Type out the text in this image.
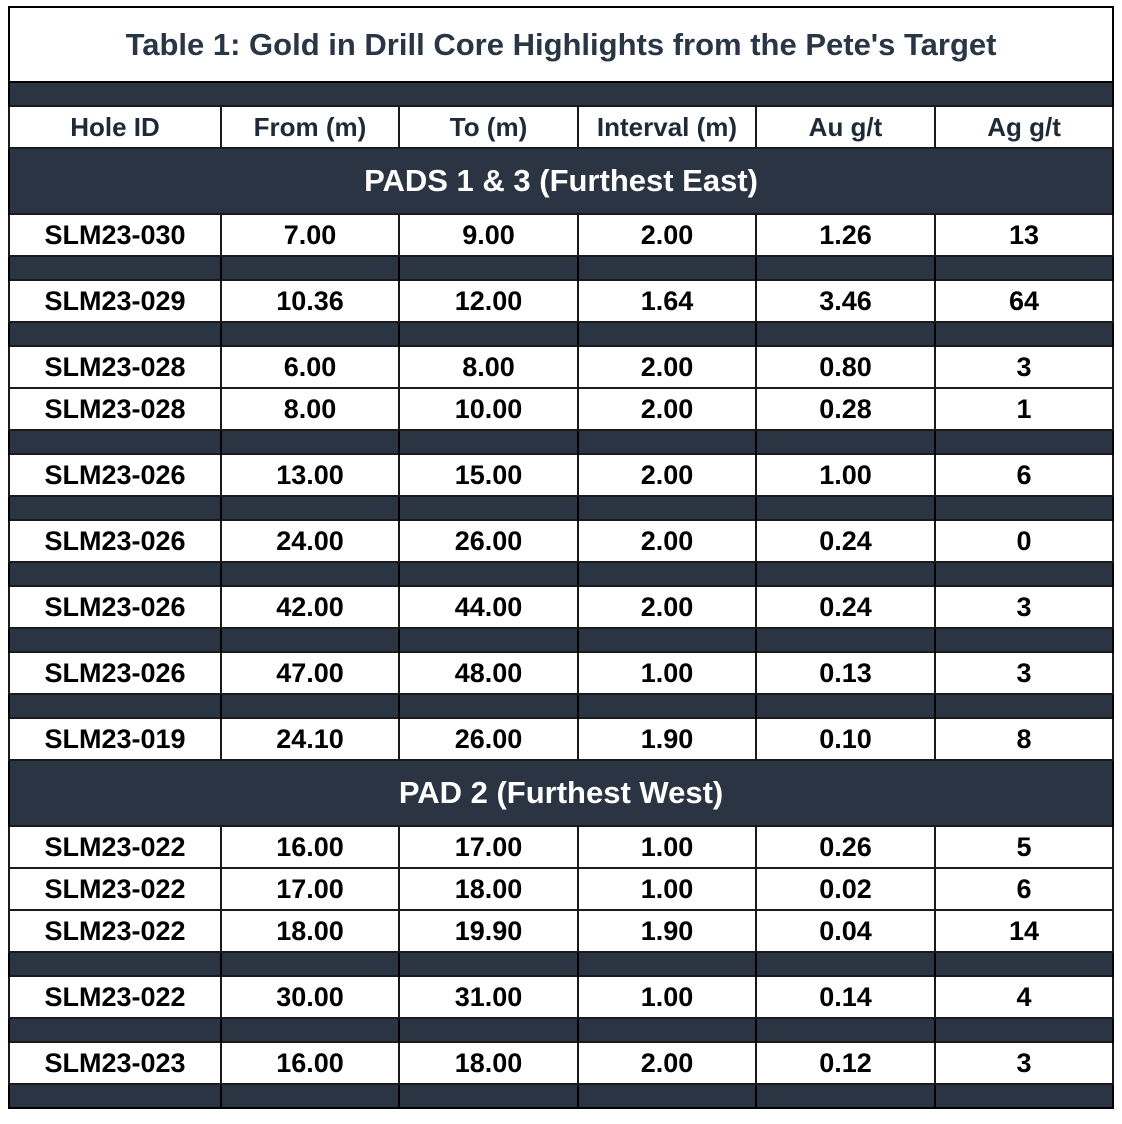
Table 1: Gold in Drill Core Highlights from the Pete's Target					

Hole ID	From (m)	To (m)	Interval (m)	Au g/t	Ag g/t
PADS 1 & 3 (Furthest East)					
SLM23-030	7.00	9.00	2.00	1.26	13

SLM23-029	10.36	12.00	1.64	3.46	64

SLM23-028	6.00	8.00	2.00	0.80	3
SLM23-028	8.00	10.00	2.00	0.28	1

SLM23-026	13.00	15.00	2.00	1.00	6

SLM23-026	24.00	26.00	2.00	0.24	0

SLM23-026	42.00	44.00	2.00	0.24	3

SLM23-026	47.00	48.00	1.00	0.13	3

SLM23-019	24.10	26.00	1.90	0.10	8
PAD 2 (Furthest West)					
SLM23-022	16.00	17.00	1.00	0.26	5
SLM23-022	17.00	18.00	1.00	0.02	6
SLM23-022	18.00	19.90	1.90	0.04	14

SLM23-022	30.00	31.00	1.00	0.14	4

SLM23-023	16.00	18.00	2.00	0.12	3
